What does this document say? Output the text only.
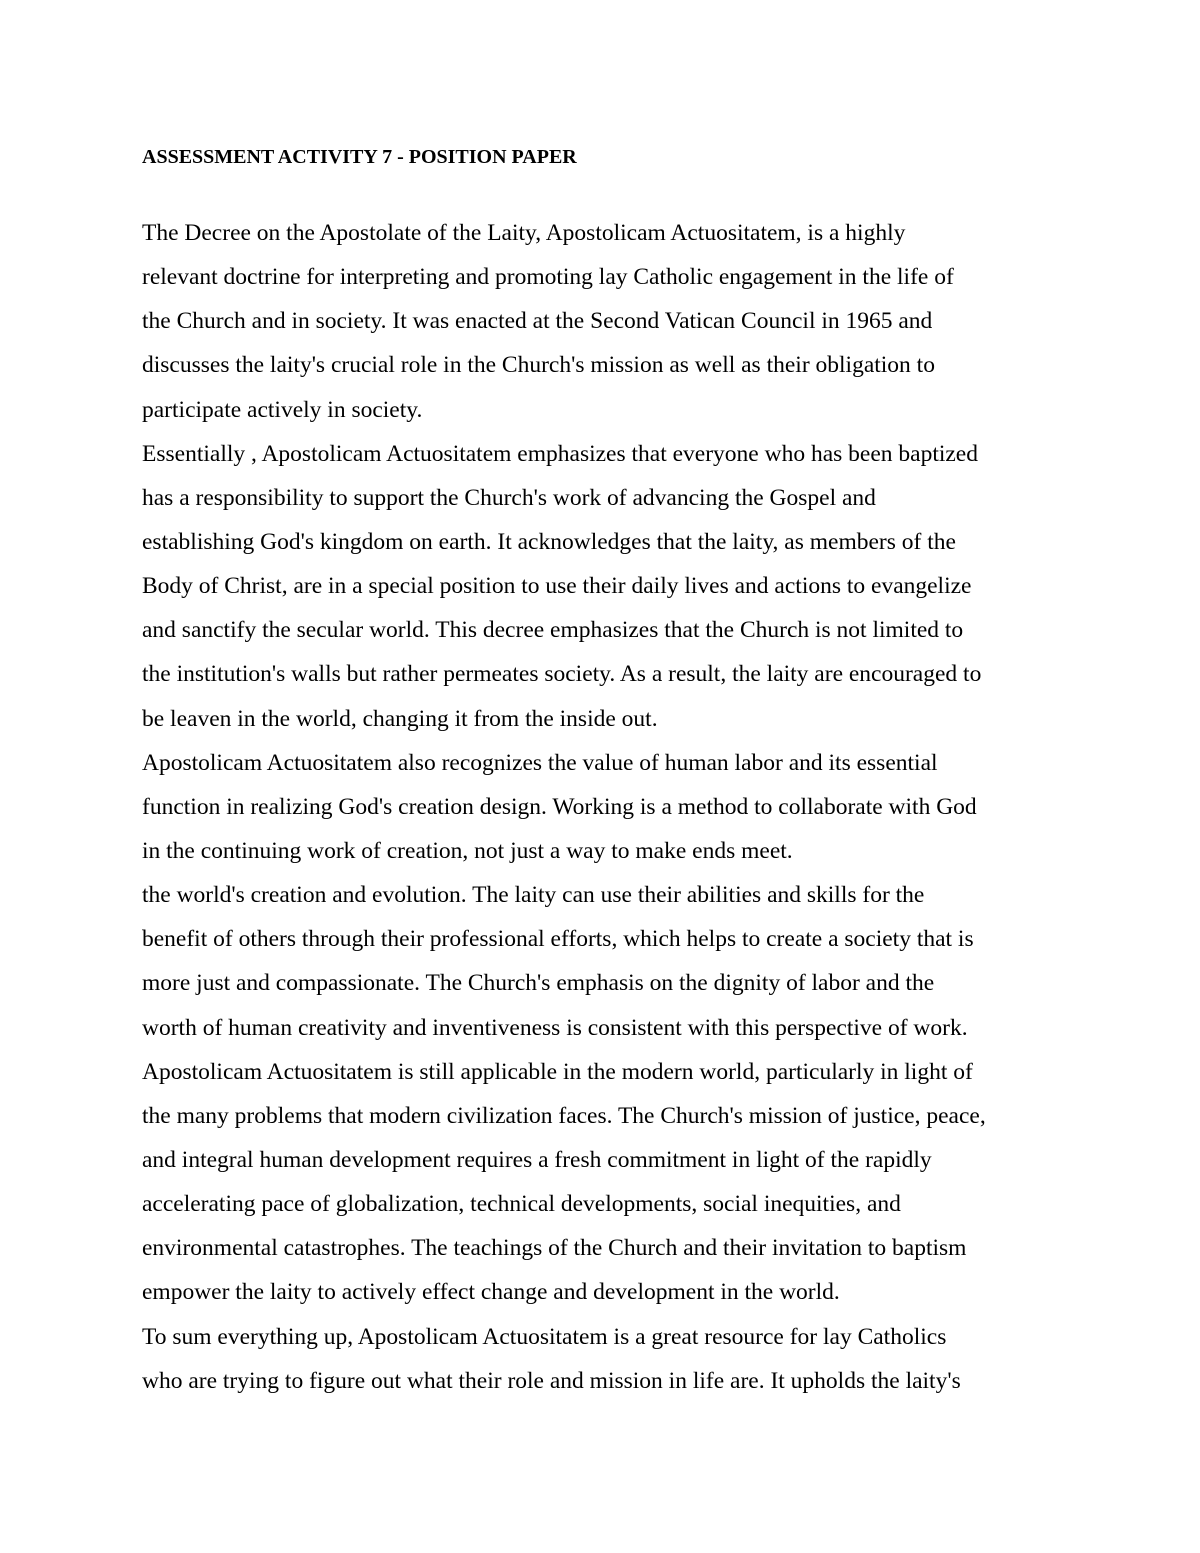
ASSESSMENT ACTIVITY 7 - POSITION PAPER
The Decree on the Apostolate of the Laity, Apostolicam Actuositatem, is a highly
relevant doctrine for interpreting and promoting lay Catholic engagement in the life of
the Church and in society. It was enacted at the Second Vatican Council in 1965 and
discusses the laity's crucial role in the Church's mission as well as their obligation to
participate actively in society.
Essentially , Apostolicam Actuositatem emphasizes that everyone who has been baptized
has a responsibility to support the Church's work of advancing the Gospel and
establishing God's kingdom on earth. It acknowledges that the laity, as members of the
Body of Christ, are in a special position to use their daily lives and actions to evangelize
and sanctify the secular world. This decree emphasizes that the Church is not limited to
the institution's walls but rather permeates society. As a result, the laity are encouraged to
be leaven in the world, changing it from the inside out.
Apostolicam Actuositatem also recognizes the value of human labor and its essential
function in realizing God's creation design. Working is a method to collaborate with God
in the continuing work of creation, not just a way to make ends meet.
the world's creation and evolution. The laity can use their abilities and skills for the
benefit of others through their professional efforts, which helps to create a society that is
more just and compassionate. The Church's emphasis on the dignity of labor and the
worth of human creativity and inventiveness is consistent with this perspective of work.
Apostolicam Actuositatem is still applicable in the modern world, particularly in light of
the many problems that modern civilization faces. The Church's mission of justice, peace,
and integral human development requires a fresh commitment in light of the rapidly
accelerating pace of globalization, technical developments, social inequities, and
environmental catastrophes. The teachings of the Church and their invitation to baptism
empower the laity to actively effect change and development in the world.
To sum everything up, Apostolicam Actuositatem is a great resource for lay Catholics
who are trying to figure out what their role and mission in life are. It upholds the laity's
